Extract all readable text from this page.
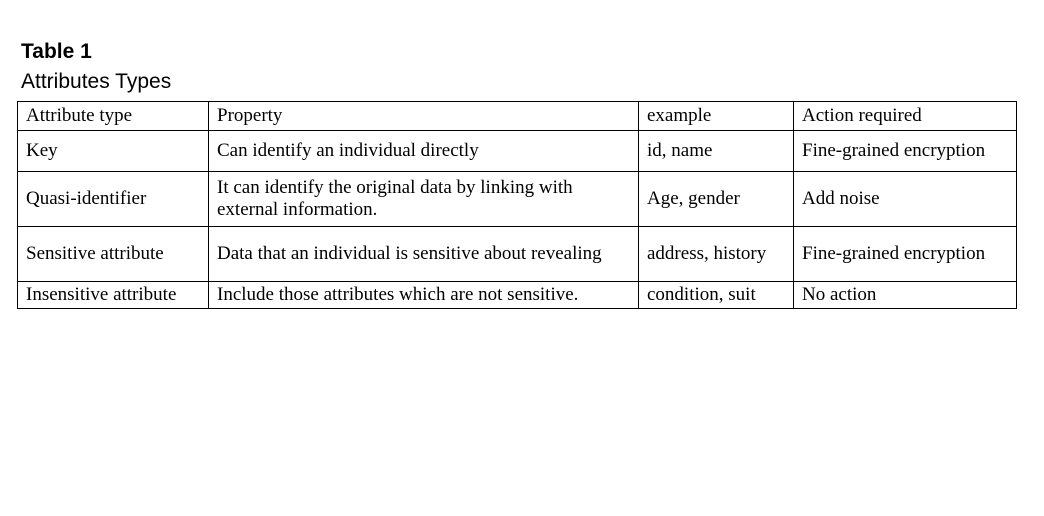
Table 1
Attributes Types
Attribute type	Property	example	Action required
Key	Can identify an individual directly	id, name	Fine-grained encryption
Quasi-identifier	It can identify the original data by linking with external information.	Age, gender	Add noise
Sensitive attribute	Data that an individual is sensitive about revealing	address, history	Fine-grained encryption
Insensitive attribute	Include those attributes which are not sensitive.	condition, suit	No action
